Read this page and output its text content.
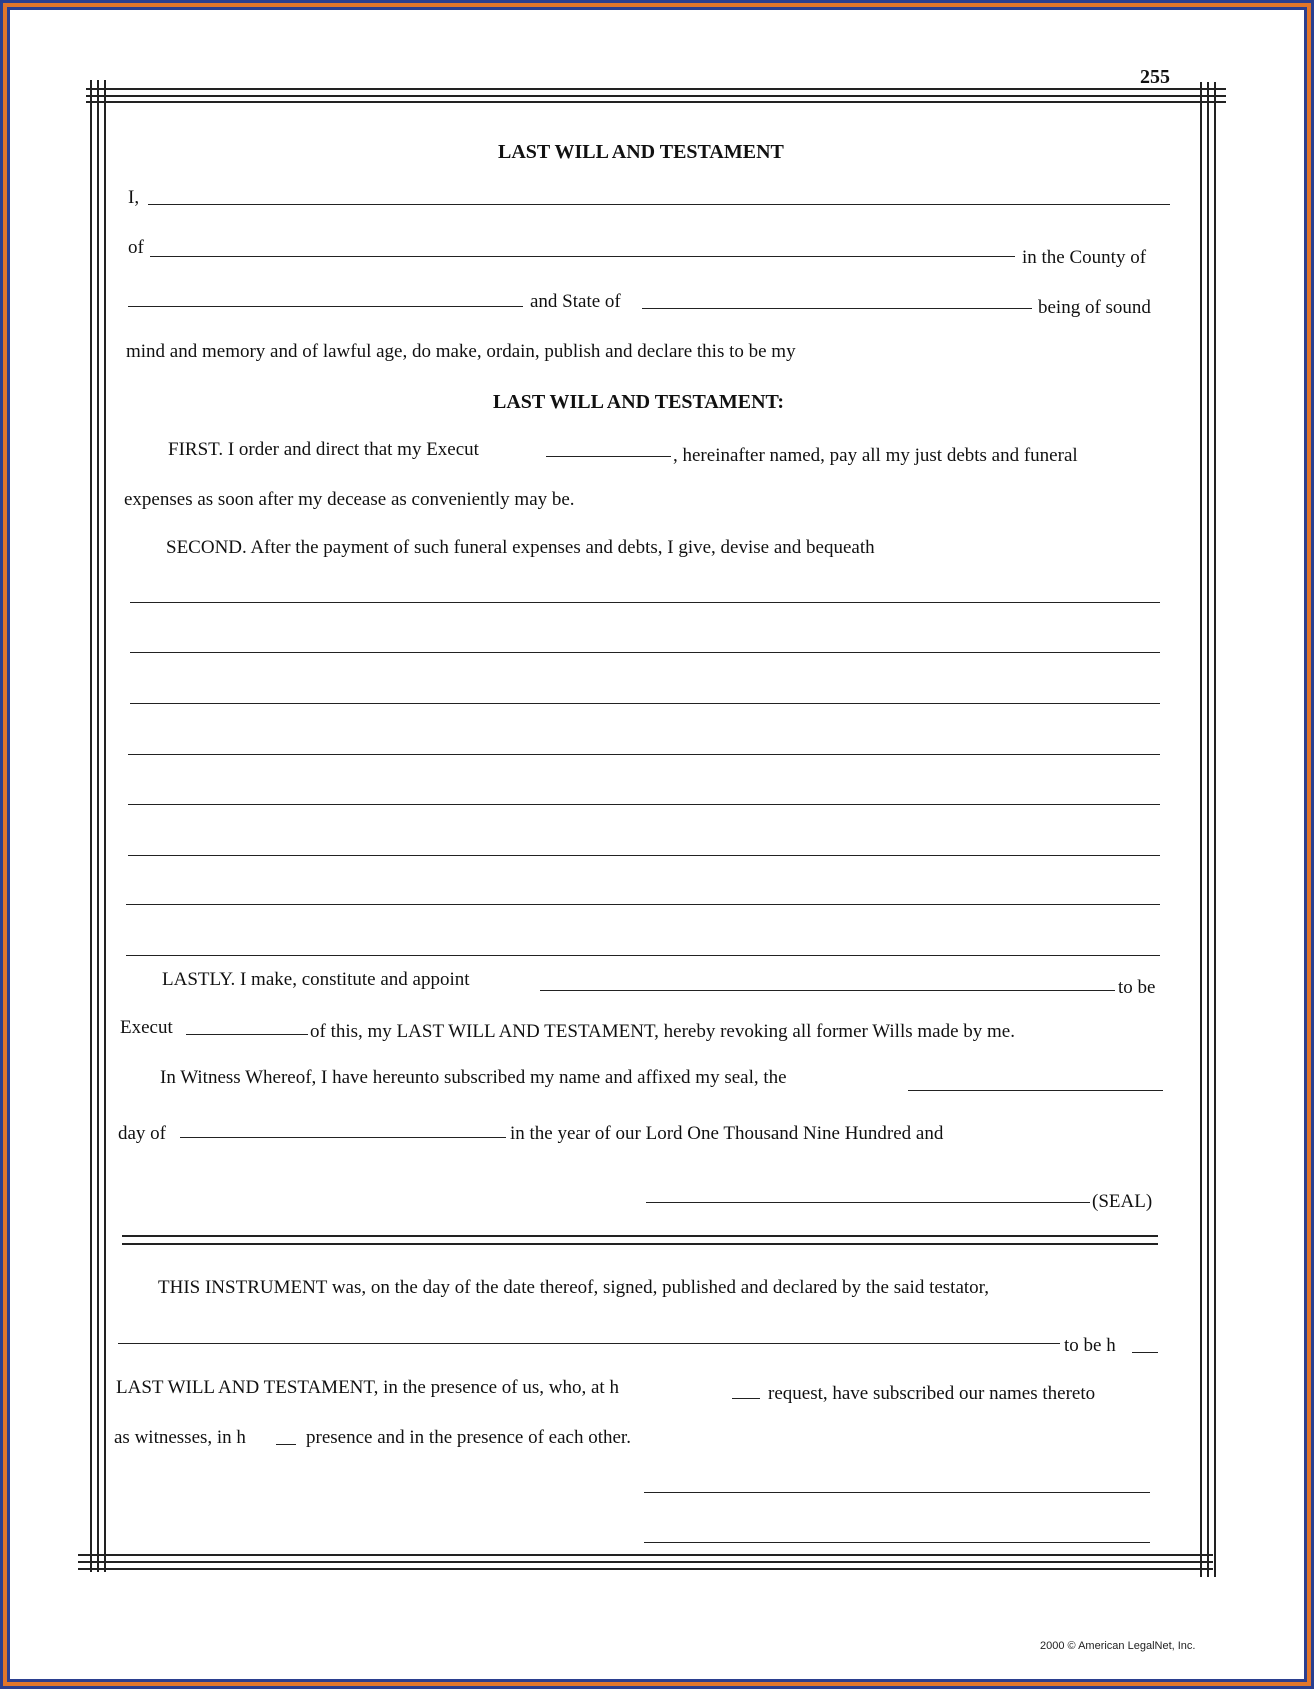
255
LAST WILL AND TESTAMENT
I,
of	in the County of
and State of	being of sound
mind and memory and of lawful age, do make, ordain, publish and declare this to be my
LAST WILL AND TESTAMENT:
FIRST. I order and direct that my Execut	, hereinafter named, pay all my just debts and funeral
expenses as soon after my decease as conveniently may be.
SECOND. After the payment of such funeral expenses and debts, I give, devise and bequeath
LASTLY. I make, constitute and appoint	to be
Execut	of this, my LAST WILL AND TESTAMENT, hereby revoking all former Wills made by me.
In Witness Whereof, I have hereunto subscribed my name and affixed my seal, the
day of	in the year of our Lord One Thousand Nine Hundred and
(SEAL)
THIS INSTRUMENT was, on the day of the date thereof, signed, published and declared by the said testator,
to be h
LAST WILL AND TESTAMENT, in the presence of us, who, at h	request, have subscribed our names thereto
as witnesses, in h	presence and in the presence of each other.
2000 © American LegalNet, Inc.
